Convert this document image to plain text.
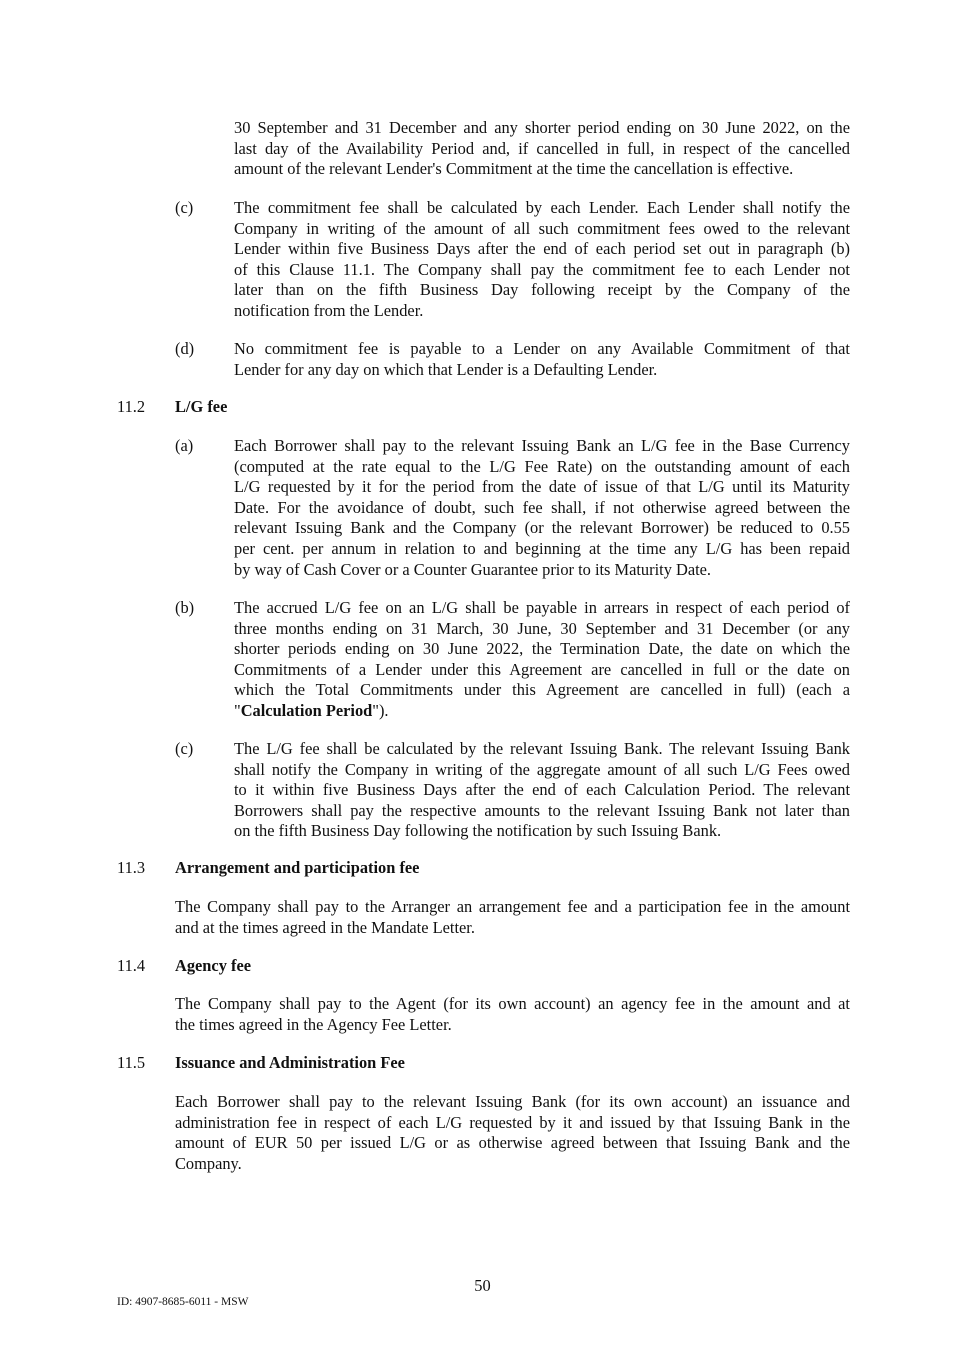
30 September and 31 December and any shorter period ending on 30 June 2022, on the
last day of the Availability Period and, if cancelled in full, in respect of the cancelled
amount of the relevant Lender's Commitment at the time the cancellation is effective.
(c) The commitment fee shall be calculated by each Lender. Each Lender shall notify the
Company in writing of the amount of all such commitment fees owed to the relevant
Lender within five Business Days after the end of each period set out in paragraph (b)
of this Clause 11.1. The Company shall pay the commitment fee to each Lender not
later than on the fifth Business Day following receipt by the Company of the
notification from the Lender.
(d) No commitment fee is payable to a Lender on any Available Commitment of that
Lender for any day on which that Lender is a Defaulting Lender.
11.2 L/G fee
(a) Each Borrower shall pay to the relevant Issuing Bank an L/G fee in the Base Currency
(computed at the rate equal to the L/G Fee Rate) on the outstanding amount of each
L/G requested by it for the period from the date of issue of that L/G until its Maturity
Date. For the avoidance of doubt, such fee shall, if not otherwise agreed between the
relevant Issuing Bank and the Company (or the relevant Borrower) be reduced to 0.55
per cent. per annum in relation to and beginning at the time any L/G has been repaid
by way of Cash Cover or a Counter Guarantee prior to its Maturity Date.
(b) The accrued L/G fee on an L/G shall be payable in arrears in respect of each period of
three months ending on 31 March, 30 June, 30 September and 31 December (or any
shorter periods ending on 30 June 2022, the Termination Date, the date on which the
Commitments of a Lender under this Agreement are cancelled in full or the date on
which the Total Commitments under this Agreement are cancelled in full) (each a
"Calculation Period").
(c) The L/G fee shall be calculated by the relevant Issuing Bank. The relevant Issuing Bank
shall notify the Company in writing of the aggregate amount of all such L/G Fees owed
to it within five Business Days after the end of each Calculation Period. The relevant
Borrowers shall pay the respective amounts to the relevant Issuing Bank not later than
on the fifth Business Day following the notification by such Issuing Bank.
11.3 Arrangement and participation fee
The Company shall pay to the Arranger an arrangement fee and a participation fee in the amount
and at the times agreed in the Mandate Letter.
11.4 Agency fee
The Company shall pay to the Agent (for its own account) an agency fee in the amount and at
the times agreed in the Agency Fee Letter.
11.5 Issuance and Administration Fee
Each Borrower shall pay to the relevant Issuing Bank (for its own account) an issuance and
administration fee in respect of each L/G requested by it and issued by that Issuing Bank in the
amount of EUR 50 per issued L/G or as otherwise agreed between that Issuing Bank and the
Company.
50
ID: 4907-8685-6011 - MSW
